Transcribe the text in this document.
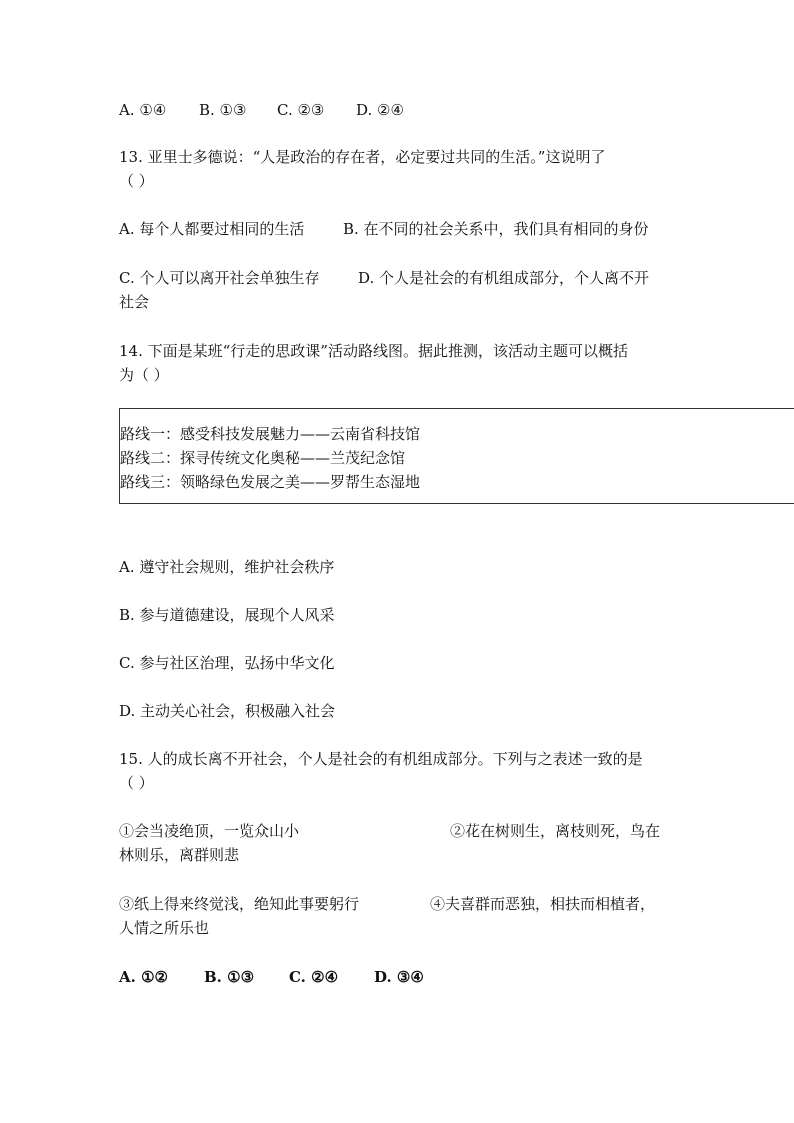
A. ①④ B. ①③ C. ②③ D. ②④
13. 亚里士多德说：“人是政治的存在者，必定要过共同的生活。”这说明了
（ ）
A. 每个人都要过相同的生活	B. 在不同的社会关系中，我们具有相同的身份
C. 个人可以离开社会单独生存	D. 个人是社会的有机组成部分，个人离不开
社会
14. 下面是某班“行走的思政课”活动路线图。据此推测，该活动主题可以概括
为（ ）
路线一：感受科技发展魅力——云南省科技馆
路线二：探寻传统文化奥秘——兰茂纪念馆
路线三：领略绿色发展之美——罗帮生态湿地
A. 遵守社会规则，维护社会秩序
B. 参与道德建设，展现个人风采
C. 参与社区治理，弘扬中华文化
D. 主动关心社会，积极融入社会
15. 人的成长离不开社会，个人是社会的有机组成部分。下列与之表述一致的是
（ ）
①会当凌绝顶，一览众山小	②花在树则生，离枝则死，鸟在
林则乐，离群则悲
③纸上得来终觉浅，绝知此事要躬行	④夫喜群而恶独，相扶而相植者，
人情之所乐也
A. ①② B. ①③ C. ②④ D. ③④
